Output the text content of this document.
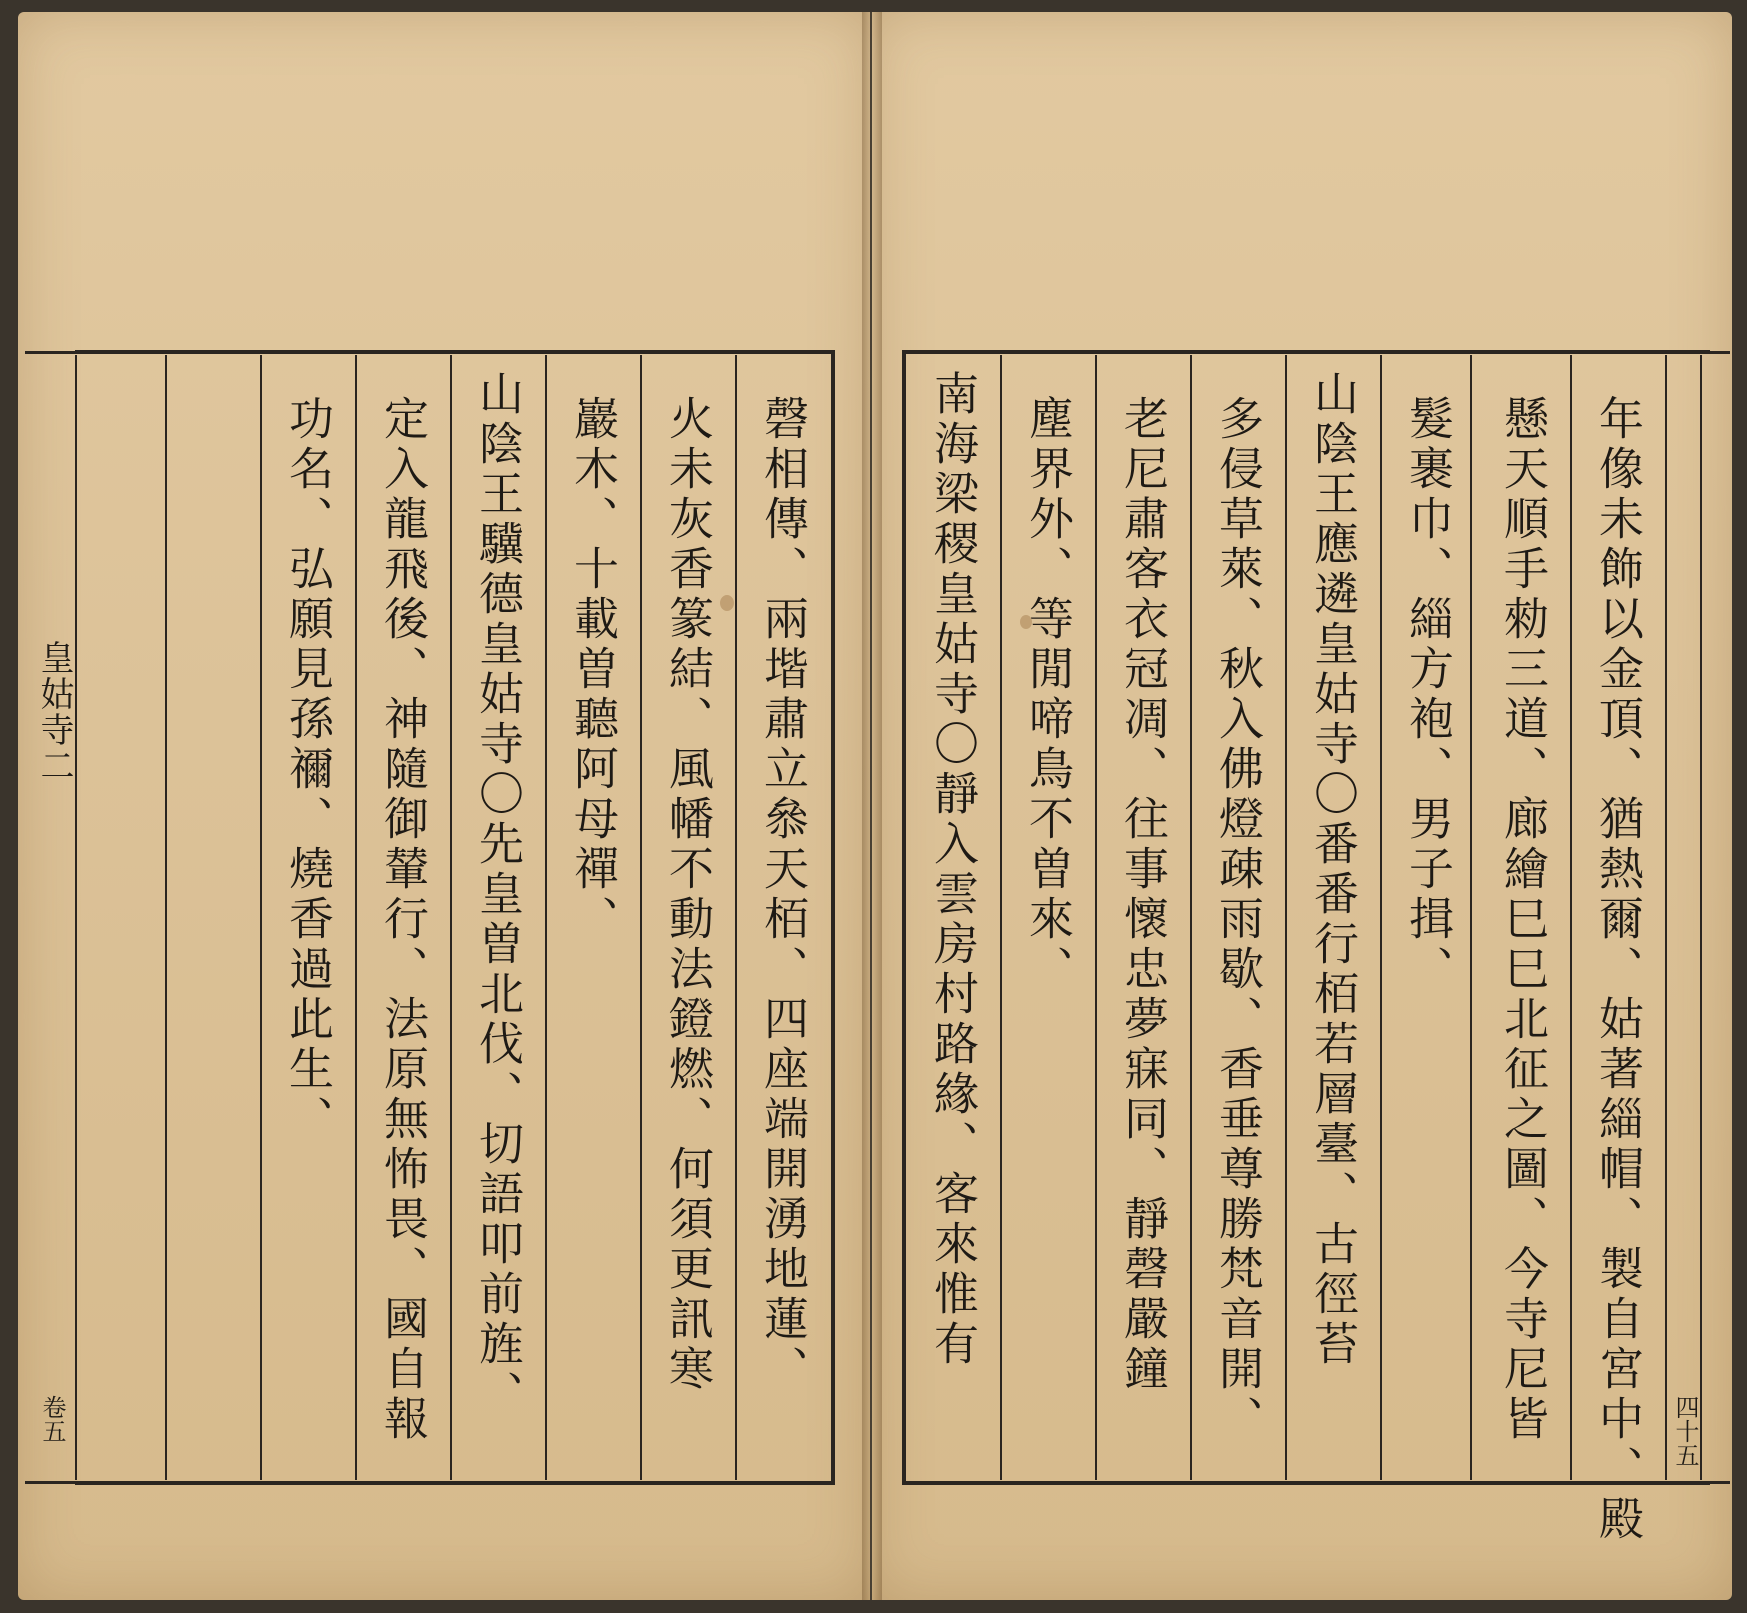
皇姑寺二
卷五
磬相傳、兩堦肅立叅天栢、四座端開湧地蓮、
火未灰香篆結、風幡不動法鐙燃、何須更訊寒
巖木、十載曽聽阿母禪、
山陰王驥德皇姑寺〇先皇曽北伐、切語叩前旌、
定入龍飛後、神隨御輦行、法原無怖畏、國自報
功名、弘願見孫禰、燒香過此生、
四十五
年像未飾以金頂、猶熱爾、姑著緇帽、製自宮中、殿
懸天順手勑三道、廊繪巳巳北征之圖、今寺尼皆
髮裹巾、緇方袍、男子揖、
山陰王應遴皇姑寺〇番番行栢若層臺、古徑苔
多侵草萊、秋入佛燈疎雨歇、香垂尊勝梵音開、
老尼肅客衣冠凋、往事懷忠夢寐同、靜磬嚴鐘
塵界外、等閒啼鳥不曽來、
南海梁稷皇姑寺〇靜入雲房村路緣、客來惟有
